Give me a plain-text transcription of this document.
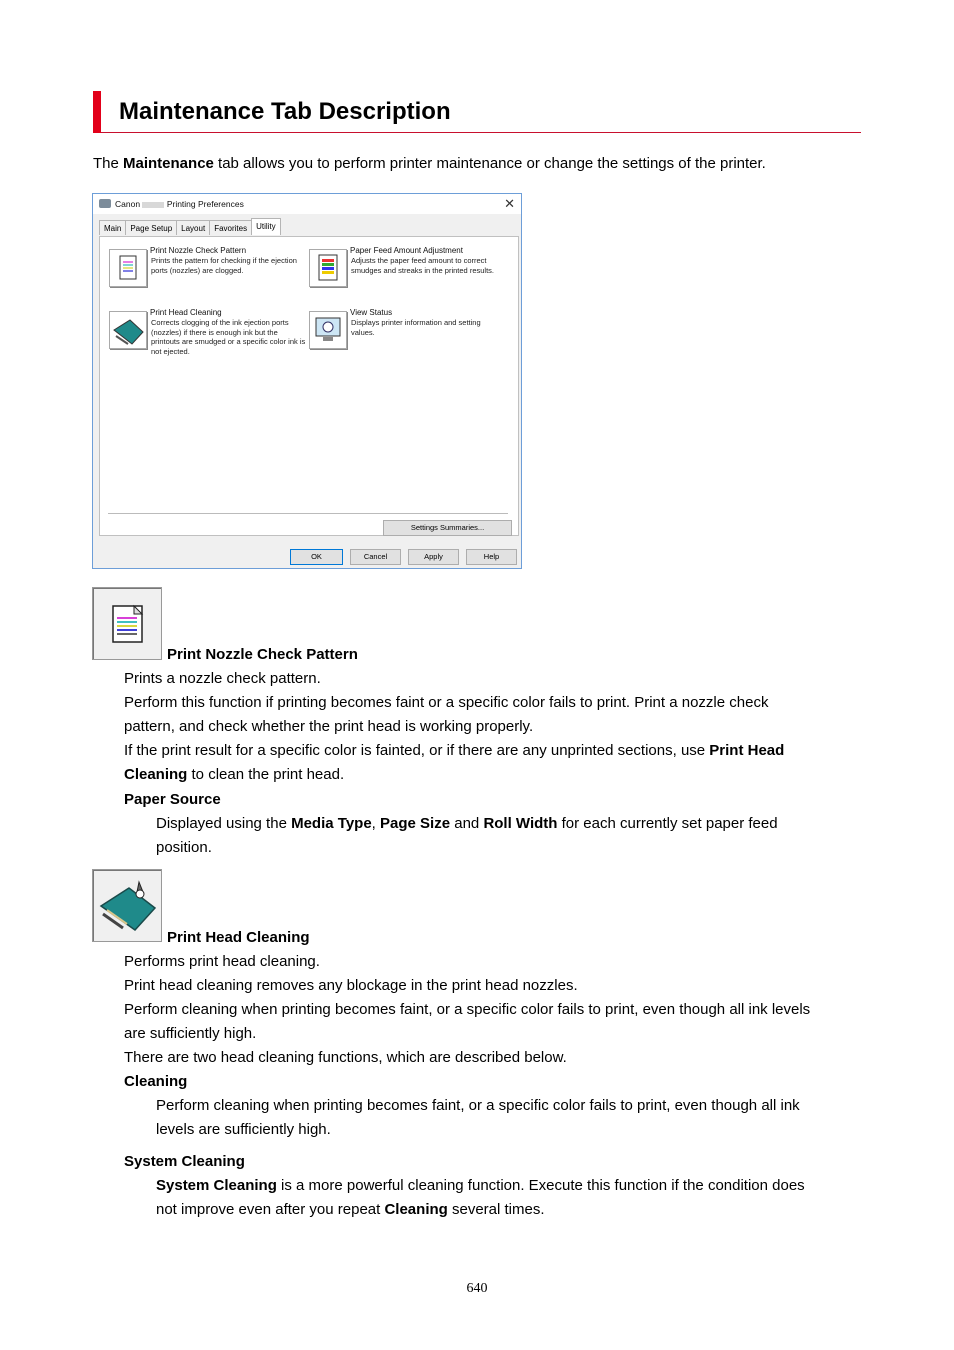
Maintenance Tab Description
The Maintenance tab allows you to perform printer maintenance or change the settings of the printer.
Canon	Printing Preferences	✕
Main Page Setup Layout Favorites Utility
Print Nozzle Check Pattern
Prints the pattern for checking if the ejection ports (nozzles) are clogged.
Paper Feed Amount Adjustment
Adjusts the paper feed amount to correct smudges and streaks in the printed results.
Print Head Cleaning
Corrects clogging of the ink ejection ports (nozzles) if there is enough ink but the printouts are smudged or a specific color ink is not ejected.
View Status
Displays printer information and setting values.
Settings Summaries...
OK	Cancel	Apply	Help
Print Nozzle Check Pattern
Prints a nozzle check pattern.
Perform this function if printing becomes faint or a specific color fails to print. Print a nozzle check
pattern, and check whether the print head is working properly.
If the print result for a specific color is fainted, or if there are any unprinted sections, use Print Head
Cleaning to clean the print head.
Paper Source
Displayed using the Media Type, Page Size and Roll Width for each currently set paper feed
position.
Print Head Cleaning
Performs print head cleaning.
Print head cleaning removes any blockage in the print head nozzles.
Perform cleaning when printing becomes faint, or a specific color fails to print, even though all ink levels
are sufficiently high.
There are two head cleaning functions, which are described below.
Cleaning
Perform cleaning when printing becomes faint, or a specific color fails to print, even though all ink
levels are sufficiently high.
System Cleaning
System Cleaning is a more powerful cleaning function. Execute this function if the condition does
not improve even after you repeat Cleaning several times.
640
